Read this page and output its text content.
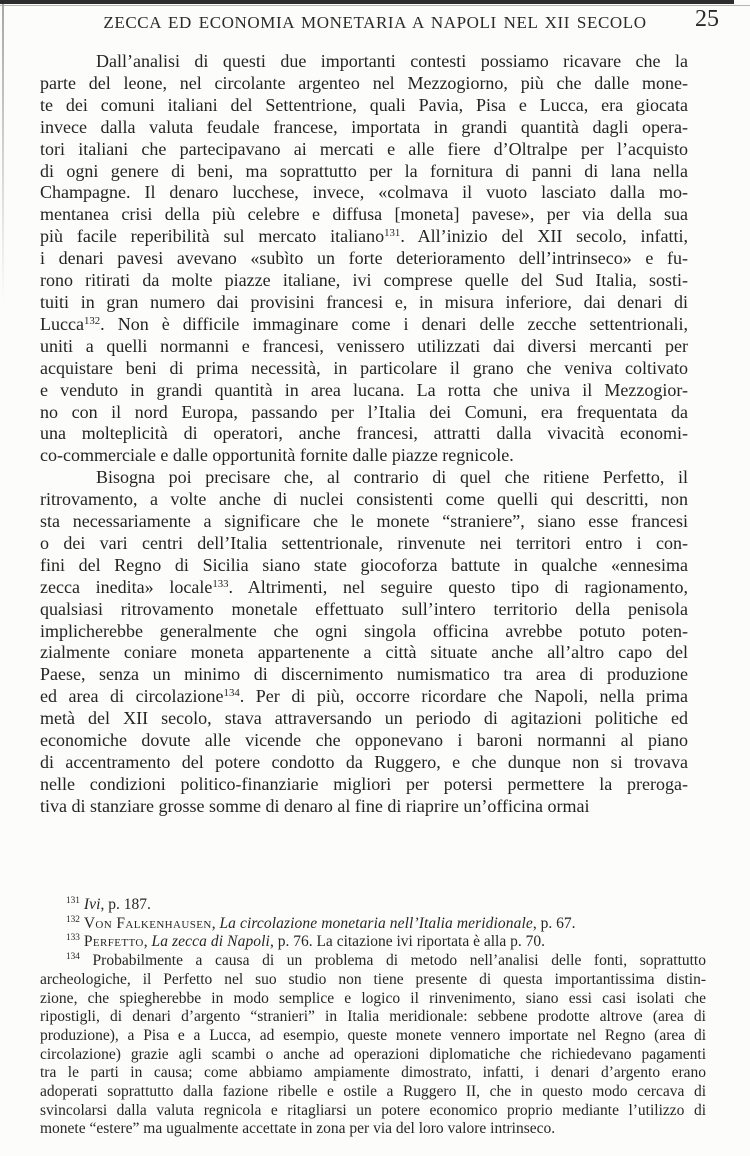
ZECCA ED ECONOMIA MONETARIA A NAPOLI NEL XII SECOLO	25
Dall’analisi di questi due importanti contesti possiamo ricavare che la
parte del leone, nel circolante argenteo nel Mezzogiorno, più che dalle mone-
te dei comuni italiani del Settentrione, quali Pavia, Pisa e Lucca, era giocata
invece dalla valuta feudale francese, importata in grandi quantità dagli opera-
tori italiani che partecipavano ai mercati e alle fiere d’Oltralpe per l’acquisto
di ogni genere di beni, ma soprattutto per la fornitura di panni di lana nella
Champagne. Il denaro lucchese, invece, «colmava il vuoto lasciato dalla mo-
mentanea crisi della più celebre e diffusa [moneta] pavese», per via della sua
più facile reperibilità sul mercato italiano$^{131}$. All’inizio del XII secolo, infatti,
i denari pavesi avevano «subìto un forte deterioramento dell’intrinseco» e fu-
rono ritirati da molte piazze italiane, ivi comprese quelle del Sud Italia, sosti-
tuiti in gran numero dai provisini francesi e, in misura inferiore, dai denari di
Lucca$^{132}$. Non è difficile immaginare come i denari delle zecche settentrionali,
uniti a quelli normanni e francesi, venissero utilizzati dai diversi mercanti per
acquistare beni di prima necessità, in particolare il grano che veniva coltivato
e venduto in grandi quantità in area lucana. La rotta che univa il Mezzogior-
no con il nord Europa, passando per l’Italia dei Comuni, era frequentata da
una molteplicità di operatori, anche francesi, attratti dalla vivacità economi-
co-commerciale e dalle opportunità fornite dalle piazze regnicole.
Bisogna poi precisare che, al contrario di quel che ritiene Perfetto, il
ritrovamento, a volte anche di nuclei consistenti come quelli qui descritti, non
sta necessariamente a significare che le monete “straniere”, siano esse francesi
o dei vari centri dell’Italia settentrionale, rinvenute nei territori entro i con-
fini del Regno di Sicilia siano state giocoforza battute in qualche «ennesima
zecca inedita» locale$^{133}$. Altrimenti, nel seguire questo tipo di ragionamento,
qualsiasi ritrovamento monetale effettuato sull’intero territorio della penisola
implicherebbe generalmente che ogni singola officina avrebbe potuto poten-
zialmente coniare moneta appartenente a città situate anche all’altro capo del
Paese, senza un minimo di discernimento numismatico tra area di produzione
ed area di circolazione$^{134}$. Per di più, occorre ricordare che Napoli, nella prima
metà del XII secolo, stava attraversando un periodo di agitazioni politiche ed
economiche dovute alle vicende che opponevano i baroni normanni al piano
di accentramento del potere condotto da Ruggero, e che dunque non si trovava
nelle condizioni politico-finanziarie migliori per potersi permettere la preroga-
tiva di stanziare grosse somme di denaro al fine di riaprire un’officina ormai
$^{131}$ Ivi, p. 187.
$^{132}$ Von Falkenhausen, La circolazione monetaria nell’Italia meridionale, p. 67.
$^{133}$ Perfetto, La zecca di Napoli, p. 76. La citazione ivi riportata è alla p. 70.
$^{134}$ Probabilmente a causa di un problema di metodo nell’analisi delle fonti, soprattutto
archeologiche, il Perfetto nel suo studio non tiene presente di questa importantissima distin-
zione, che spiegherebbe in modo semplice e logico il rinvenimento, siano essi casi isolati che
ripostigli, di denari d’argento “stranieri” in Italia meridionale: sebbene prodotte altrove (area di
produzione), a Pisa e a Lucca, ad esempio, queste monete vennero importate nel Regno (area di
circolazione) grazie agli scambi o anche ad operazioni diplomatiche che richiedevano pagamenti
tra le parti in causa; come abbiamo ampiamente dimostrato, infatti, i denari d’argento erano
adoperati soprattutto dalla fazione ribelle e ostile a Ruggero II, che in questo modo cercava di
svincolarsi dalla valuta regnicola e ritagliarsi un potere economico proprio mediante l’utilizzo di
monete “estere” ma ugualmente accettate in zona per via del loro valore intrinseco.
